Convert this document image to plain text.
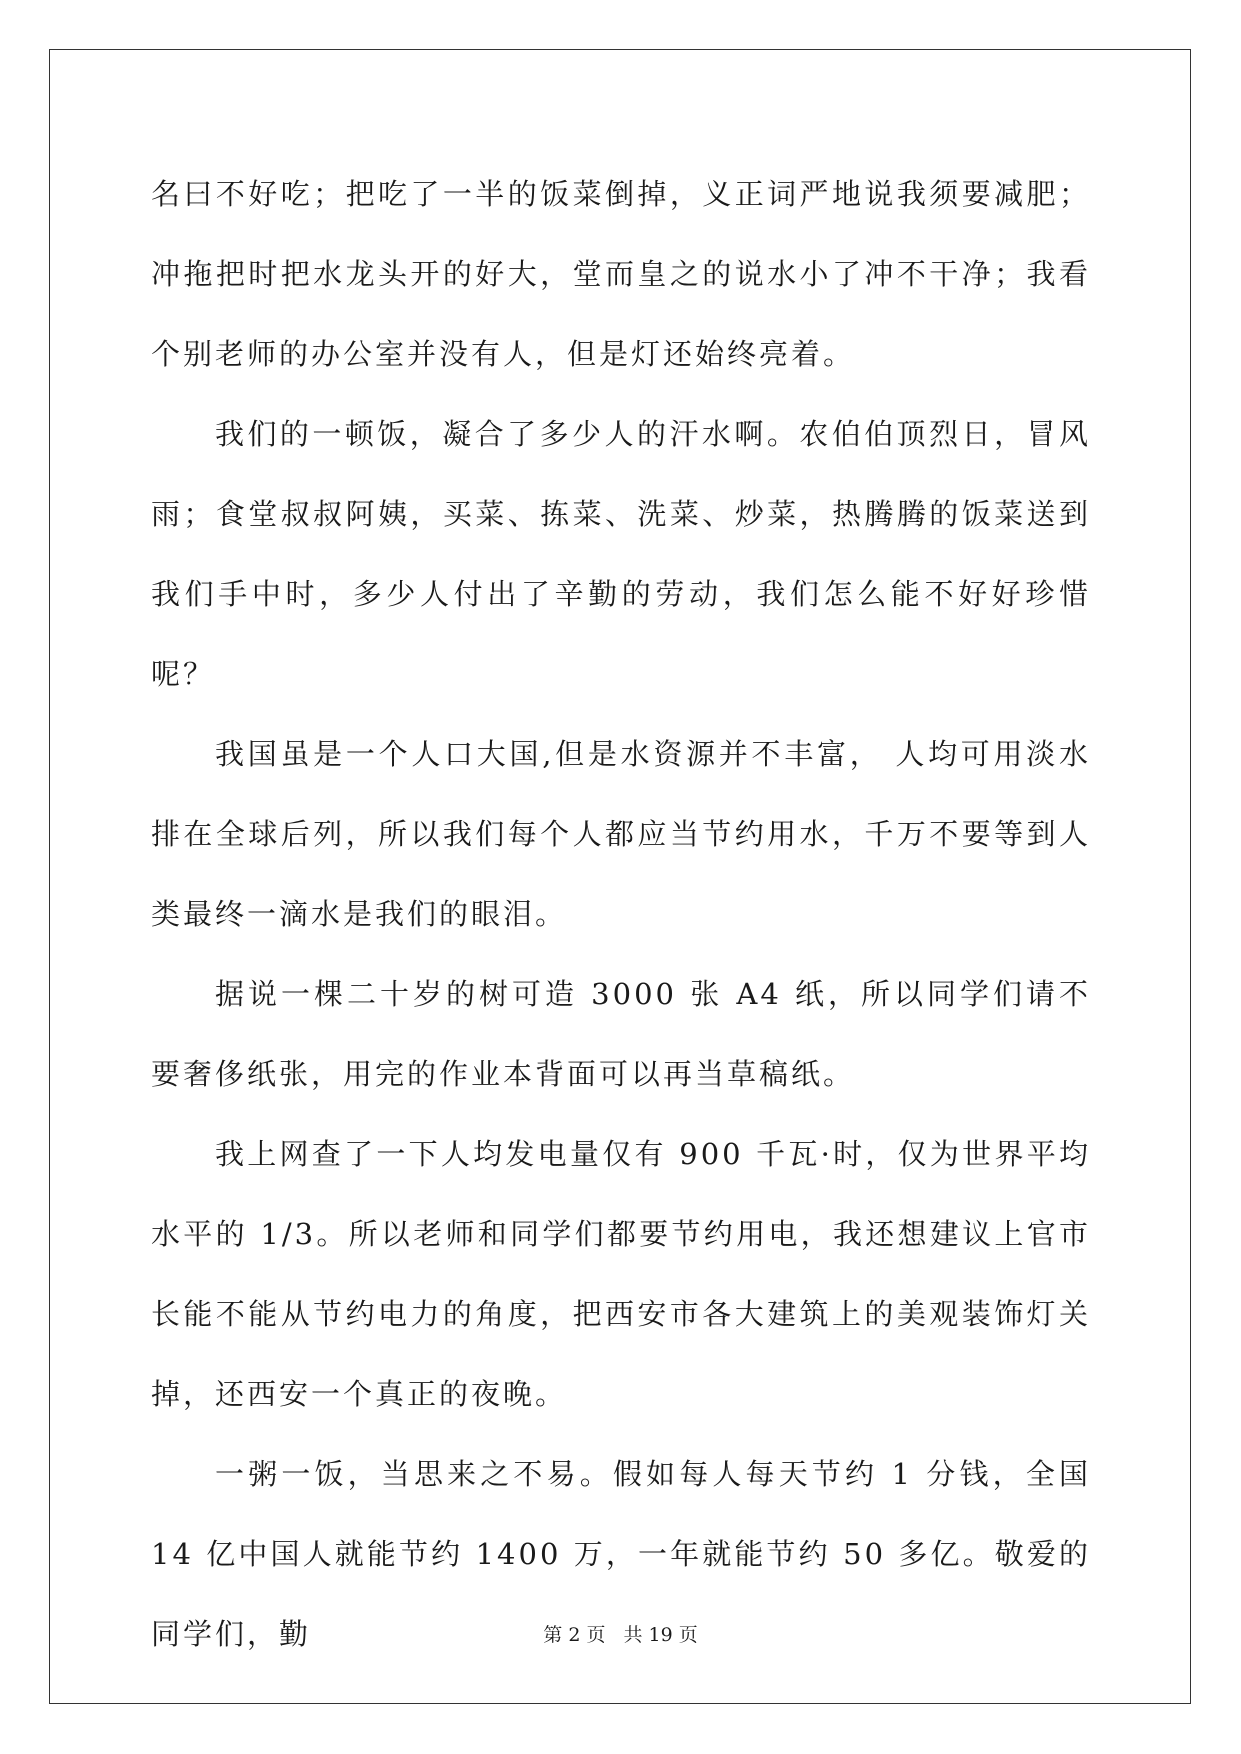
名曰不好吃；把吃了一半的饭菜倒掉，义正词严地说我须要减肥；冲拖把时把水龙头开的好大，堂而皇之的说水小了冲不干净；我看个别老师的办公室并没有人，但是灯还始终亮着。

我们的一顿饭，凝合了多少人的汗水啊。农伯伯顶烈日，冒风雨；食堂叔叔阿姨，买菜、拣菜、洗菜、炒菜，热腾腾的饭菜送到我们手中时，多少人付出了辛勤的劳动，我们怎么能不好好珍惜呢？

我国虽是一个人口大国,但是水资源并不丰富， 人均可用淡水排在全球后列，所以我们每个人都应当节约用水，千万不要等到人类最终一滴水是我们的眼泪。

据说一棵二十岁的树可造 3000 张 A4 纸，所以同学们请不要奢侈纸张，用完的作业本背面可以再当草稿纸。

我上网查了一下人均发电量仅有 900 千瓦·时，仅为世界平均水平的 1/3。所以老师和同学们都要节约用电，我还想建议上官市长能不能从节约电力的角度，把西安市各大建筑上的美观装饰灯关掉，还西安一个真正的夜晚。

一粥一饭，当思来之不易。假如每人每天节约 1 分钱，全国 14 亿中国人就能节约 1400 万，一年就能节约 50 多亿。敬爱的同学们，勤	第 2 页 共 19 页
